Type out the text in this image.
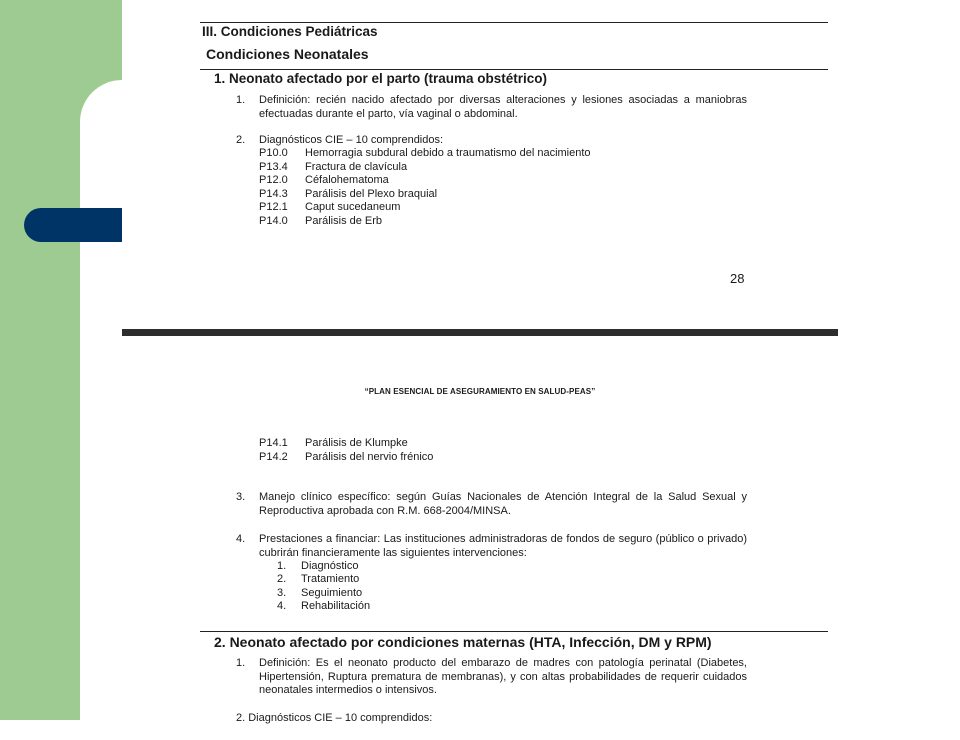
III. Condiciones Pediátricas
Condiciones Neonatales
1. Neonato afectado por el parto (trauma obstétrico)
1. Definición: recién nacido afectado por diversas alteraciones y lesiones asociadas a maniobras efectuadas durante el parto, vía vaginal o abdominal.
2. Diagnósticos CIE – 10 comprendidos:
P10.0 Hemorragia subdural debido a traumatismo del nacimiento
P13.4 Fractura de clavícula
P12.0 Céfalohematoma
P14.3 Parálisis del Plexo braquial
P12.1 Caput sucedaneum
P14.0 Parálisis de Erb
28
“PLAN ESENCIAL DE ASEGURAMIENTO EN SALUD-PEAS”
P14.1 Parálisis de Klumpke
P14.2 Parálisis del nervio frénico
3. Manejo clínico específico: según Guías Nacionales de Atención Integral de la Salud Sexual y Reproductiva aprobada con R.M. 668-2004/MINSA.
4. Prestaciones a financiar: Las instituciones administradoras de fondos de seguro (público o privado) cubrirán financieramente las siguientes intervenciones:
1. Diagnóstico
2. Tratamiento
3. Seguimiento
4. Rehabilitación
2. Neonato afectado por condiciones maternas (HTA, Infección, DM y RPM)
1. Definición: Es el neonato producto del embarazo de madres con patología perinatal (Diabetes, Hipertensión, Ruptura prematura de membranas), y con altas probabilidades de requerir cuidados neonatales intermedios o intensivos.
2. Diagnósticos CIE – 10 comprendidos:
